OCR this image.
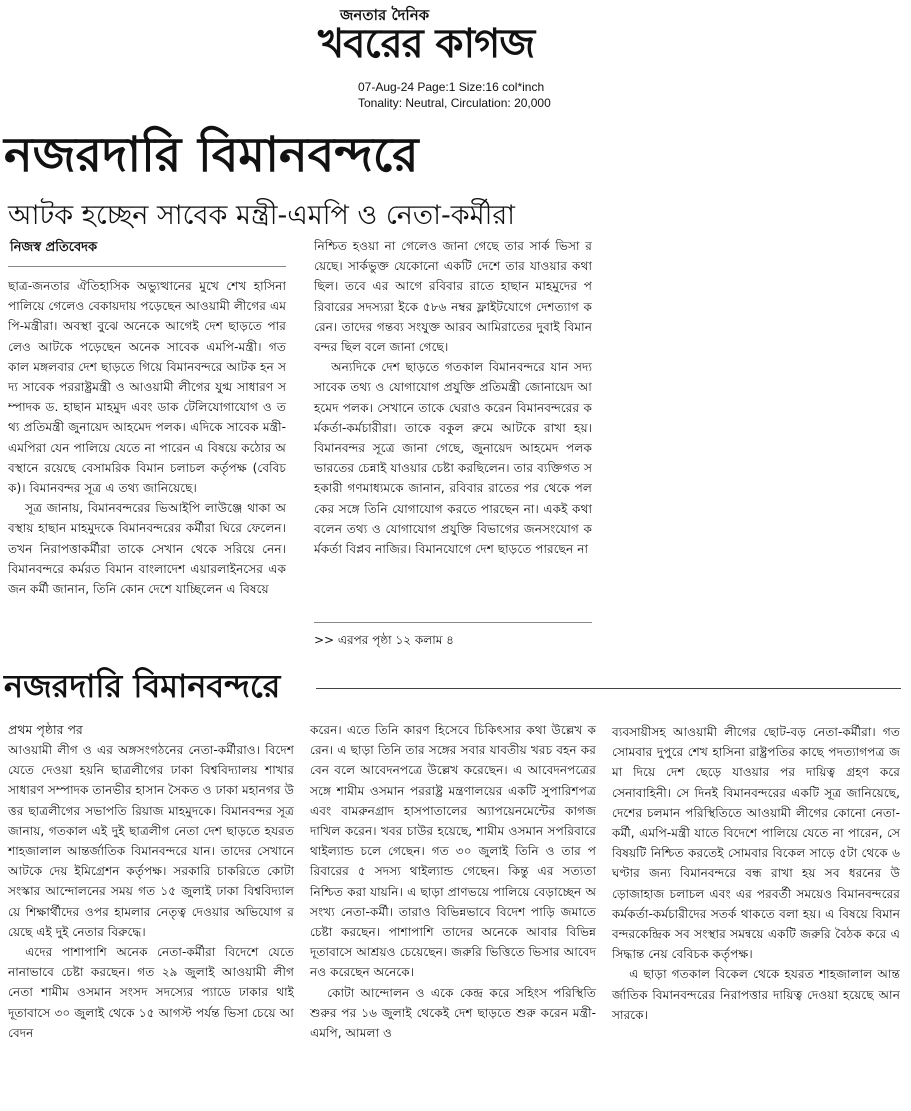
জনতার দৈনিক
খবরের কাগজ
07-Aug-24 Page:1 Size:16 col*inch
Tonality: Neutral, Circulation: 20,000
নজরদারি বিমানবন্দরে
আটক হচ্ছেন সাবেক মন্ত্রী-এমপি ও নেতা-কর্মীরা
নিজস্ব প্রতিবেদক

ছাত্র-জনতার ঐতিহাসিক অভ্যুত্থানের মুখে শেখ হাসিনা পালিয়ে গেলেও বেকায়দায় পড়েছেন আওয়ামী লীগের এমপি-মন্ত্রীরা। অবস্থা বুঝে অনেকে আগেই দেশ ছাড়তে পারলেও আটকে পড়েছেন অনেক সাবেক এমপি-মন্ত্রী। গতকাল মঙ্গলবার দেশ ছাড়তে গিয়ে বিমানবন্দরে আটক হন সদ্য সাবেক পররাষ্ট্রমন্ত্রী ও আওয়ামী লীগের যুগ্ম সাধারণ সম্পাদক ড. হাছান মাহমুদ এবং ডাক টেলিযোগাযোগ ও তথ্য প্রতিমন্ত্রী জুনায়েদ আহমেদ পলক। এদিকে সাবেক মন্ত্রী-এমপিরা যেন পালিয়ে যেতে না পারেন এ বিষয়ে কঠোর অবস্থানে রয়েছে বেসামরিক বিমান চলাচল কর্তৃপক্ষ (বেবিচক)। বিমানবন্দর সূত্র এ তথ্য জানিয়েছে।

সূত্র জানায়, বিমানবন্দরের ভিআইপি লাউঞ্জে থাকা অবস্থায় হাছান মাহমুদকে বিমানবন্দরের কর্মীরা ঘিরে ফেলেন। তখন নিরাপত্তাকর্মীরা তাকে সেখান থেকে সরিয়ে নেন। বিমানবন্দরে কর্মরত বিমান বাংলাদেশ এয়ারলাইনসের একজন কর্মী জানান, তিনি কোন দেশে যাচ্ছিলেন এ বিষয়ে

নিশ্চিত হওয়া না গেলেও জানা গেছে তার সার্ক ভিসা রয়েছে। সার্কভুক্ত যেকোনো একটি দেশে তার যাওয়ার কথা ছিল। তবে এর আগে রবিবার রাতে হাছান মাহমুদের পরিবারের সদস্যরা ইকে ৫৮৬ নম্বর ফ্লাইটযোগে দেশত্যাগ করেন। তাদের গন্তব্য সংযুক্ত আরব আমিরাতের দুবাই বিমানবন্দর ছিল বলে জানা গেছে।

অন্যদিকে দেশ ছাড়তে গতকাল বিমানবন্দরে যান সদ্য সাবেক তথ্য ও যোগাযোগ প্রযুক্তি প্রতিমন্ত্রী জোনায়েদ আহমেদ পলক। সেখানে তাকে ঘেরাও করেন বিমানবন্দরের কর্মকর্তা-কর্মচারীরা। তাকে বকুল রুমে আটকে রাখা হয়। বিমানবন্দর সূত্রে জানা গেছে, জুনায়েদ আহমেদ পলক ভারতের চেন্নাই যাওয়ার চেষ্টা করছিলেন। তার ব্যক্তিগত সহকারী গণমাধ্যমকে জানান, রবিবার রাতের পর থেকে পলকের সঙ্গে তিনি যোগাযোগ করতে পারছেন না। একই কথা বলেন তথ্য ও যোগাযোগ প্রযুক্তি বিভাগের জনসংযোগ কর্মকর্তা বিপ্লব নাজির। বিমানযোগে দেশ ছাড়তে পারছেন না

>> এরপর পৃষ্ঠা ১২ কলাম ৪
নজরদারি বিমানবন্দরে
প্রথম পৃষ্ঠার পর

আওয়ামী লীগ ও এর অঙ্গসংগঠনের নেতা-কর্মীরাও। বিদেশ যেতে দেওয়া হয়নি ছাত্রলীগের ঢাকা বিশ্ববিদ্যালয় শাখার সাধারণ সম্পাদক তানভীর হাসান সৈকত ও ঢাকা মহানগর উত্তর ছাত্রলীগের সভাপতি রিয়াজ মাহমুদকে। বিমানবন্দর সূত্র জানায়, গতকাল এই দুই ছাত্রলীগ নেতা দেশ ছাড়তে হযরত শাহজালাল আন্তর্জাতিক বিমানবন্দরে যান। তাদের সেখানে আটকে দেয় ইমিগ্রেশন কর্তৃপক্ষ। সরকারি চাকরিতে কোটা সংস্কার আন্দোলনের সময় গত ১৫ জুলাই ঢাকা বিশ্ববিদ্যালয়ে শিক্ষার্থীদের ওপর হামলার নেতৃত্ব দেওয়ার অভিযোগ রয়েছে এই দুই নেতার বিরুদ্ধে।

এদের পাশাপাশি অনেক নেতা-কর্মীরা বিদেশে যেতে নানাভাবে চেষ্টা করছেন। গত ২৯ জুলাই আওয়ামী লীগ নেতা শামীম ওসমান সংসদ সদস্যের প্যাডে ঢাকার থাই দূতাবাসে ৩০ জুলাই থেকে ১৫ আগস্ট পর্যন্ত ভিসা চেয়ে আবেদন

করেন। এতে তিনি কারণ হিসেবে চিকিৎসার কথা উল্লেখ করেন। এ ছাড়া তিনি তার সঙ্গের সবার যাবতীয় খরচ বহন করবেন বলে আবেদনপত্রে উল্লেখ করেছেন। এ আবেদনপত্রের সঙ্গে শামীম ওসমান পররাষ্ট্র মন্ত্রণালয়ের একটি সুপারিশপত্র এবং বামরুনগ্রাদ হাসপাতালের অ্যাপয়েনমেন্টের কাগজ দাখিল করেন। খবর চাউর হয়েছে, শামীম ওসমান সপরিবারে থাইল্যান্ড চলে গেছেন। গত ৩০ জুলাই তিনি ও তার পরিবারের ৫ সদস্য থাইল্যান্ড গেছেন। কিন্তু এর সত্যতা নিশ্চিত করা যায়নি। এ ছাড়া প্রাণভয়ে পালিয়ে বেড়াচ্ছেন অসংখ্য নেতা-কর্মী। তারাও বিভিন্নভাবে বিদেশ পাড়ি জমাতে চেষ্টা করছেন। পাশাপাশি তাদের অনেকে আবার বিভিন্ন দূতাবাসে আশ্রয়ও চেয়েছেন। জরুরি ভিত্তিতে ভিসার আবেদনও করেছেন অনেকে।

কোটা আন্দোলন ও একে কেন্দ্র করে সহিংস পরিস্থিতি শুরুর পর ১৬ জুলাই থেকেই দেশ ছাড়তে শুরু করেন মন্ত্রী-এমপি, আমলা ও

ব্যবসায়ীসহ আওয়ামী লীগের ছোট-বড় নেতা-কর্মীরা। গত সোমবার দুপুরে শেখ হাসিনা রাষ্ট্রপতির কাছে পদত্যাগপত্র জমা দিয়ে দেশ ছেড়ে যাওয়ার পর দায়িত্ব গ্রহণ করে সেনাবাহিনী। সে দিনই বিমানবন্দরের একটি সূত্র জানিয়েছে, দেশের চলমান পরিস্থিতিতে আওয়ামী লীগের কোনো নেতা-কর্মী, এমপি-মন্ত্রী যাতে বিদেশে পালিয়ে যেতে না পারেন, সে বিষয়টি নিশ্চিত করতেই সোমবার বিকেল সাড়ে ৫টা থেকে ৬ ঘণ্টার জন্য বিমানবন্দরে বন্ধ রাখা হয় সব ধরনের উড়োজাহাজ চলাচল এবং এর পরবর্তী সময়েও বিমানবন্দরের কর্মকর্তা-কর্মচারীদের সতর্ক থাকতে বলা হয়। এ বিষয়ে বিমানবন্দরকেন্দ্রিক সব সংস্থার সমন্বয়ে একটি জরুরি বৈঠক করে এ সিদ্ধান্ত নেয় বেবিচক কর্তৃপক্ষ।

এ ছাড়া গতকাল বিকেল থেকে হযরত শাহজালাল আন্তর্জাতিক বিমানবন্দরের নিরাপত্তার দায়িত্ব দেওয়া হয়েছে আনসারকে।
